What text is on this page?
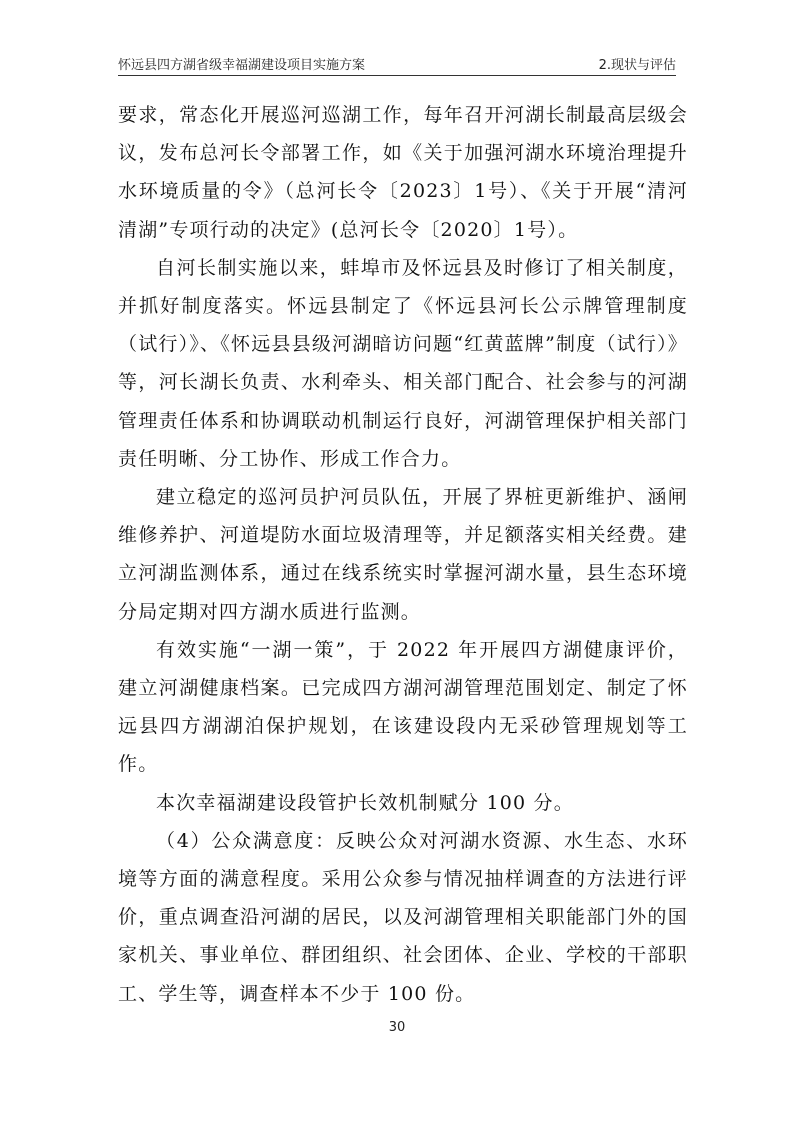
怀远县四方湖省级幸福湖建设项目实施方案	2.现状与评估

要求，常态化开展巡河巡湖工作，每年召开河湖长制最高层级会议，发布总河长令部署工作，如《关于加强河湖水环境治理提升水环境质量的令》（总河长令〔2023〕1号）、《关于开展“清河清湖”专项行动的决定》(总河长令〔2020〕1号）。

自河长制实施以来，蚌埠市及怀远县及时修订了相关制度，并抓好制度落实。怀远县制定了《怀远县河长公示牌管理制度（试行）》、《怀远县县级河湖暗访问题“红黄蓝牌”制度（试行）》等，河长湖长负责、水利牵头、相关部门配合、社会参与的河湖管理责任体系和协调联动机制运行良好，河湖管理保护相关部门责任明晰、分工协作、形成工作合力。

建立稳定的巡河员护河员队伍，开展了界桩更新维护、涵闸维修养护、河道堤防水面垃圾清理等，并足额落实相关经费。建立河湖监测体系，通过在线系统实时掌握河湖水量，县生态环境分局定期对四方湖水质进行监测。

有效实施“一湖一策”，于 2022 年开展四方湖健康评价，建立河湖健康档案。已完成四方湖河湖管理范围划定、制定了怀远县四方湖湖泊保护规划，在该建设段内无采砂管理规划等工作。

本次幸福湖建设段管护长效机制赋分 100 分。

（4）公众满意度：反映公众对河湖水资源、水生态、水环境等方面的满意程度。采用公众参与情况抽样调查的方法进行评价，重点调查沿河湖的居民，以及河湖管理相关职能部门外的国家机关、事业单位、群团组织、社会团体、企业、学校的干部职工、学生等，调查样本不少于 100 份。

30
